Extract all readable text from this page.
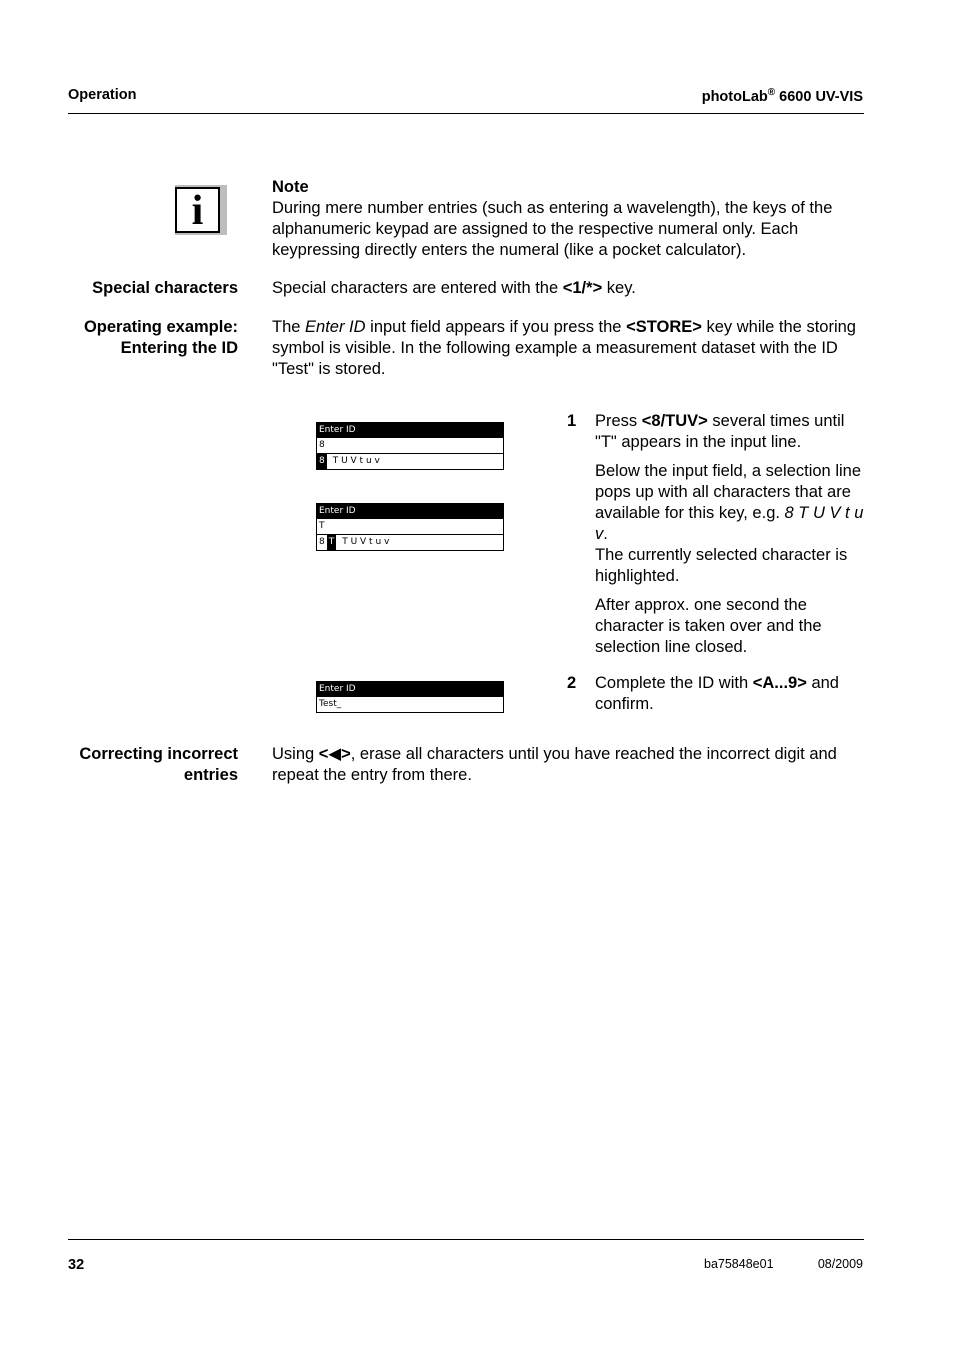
Operation	photoLab® 6600 UV-VIS
i
Note
During mere number entries (such as entering a wavelength), the keys of the alphanumeric keypad are assigned to the respective numeral only. Each keypressing directly enters the numeral (like a pocket calculator).
Special characters Special characters are entered with the <1/*> key.
Operating example:
Entering the ID
The Enter ID input field appears if you press the <STORE> key while the storing symbol is visible. In the following example a measurement dataset with the ID "Test" is stored.
Enter ID
8
8 T U V t u v
Enter ID
T
8 T T U V t u v
Enter ID
Test_
1 Press <8/TUV> several times until "T" appears in the input line.
Below the input field, a selection line pops up with all characters that are available for this key, e.g. 8 T U V t u v.
The currently selected character is highlighted.
After approx. one second the character is taken over and the selection line closed.
2 Complete the ID with <A...9> and confirm.
Correcting incorrect
entries
Using <◀>, erase all characters until you have reached the incorrect digit and repeat the entry from there.
32	ba75848e01	08/2009
